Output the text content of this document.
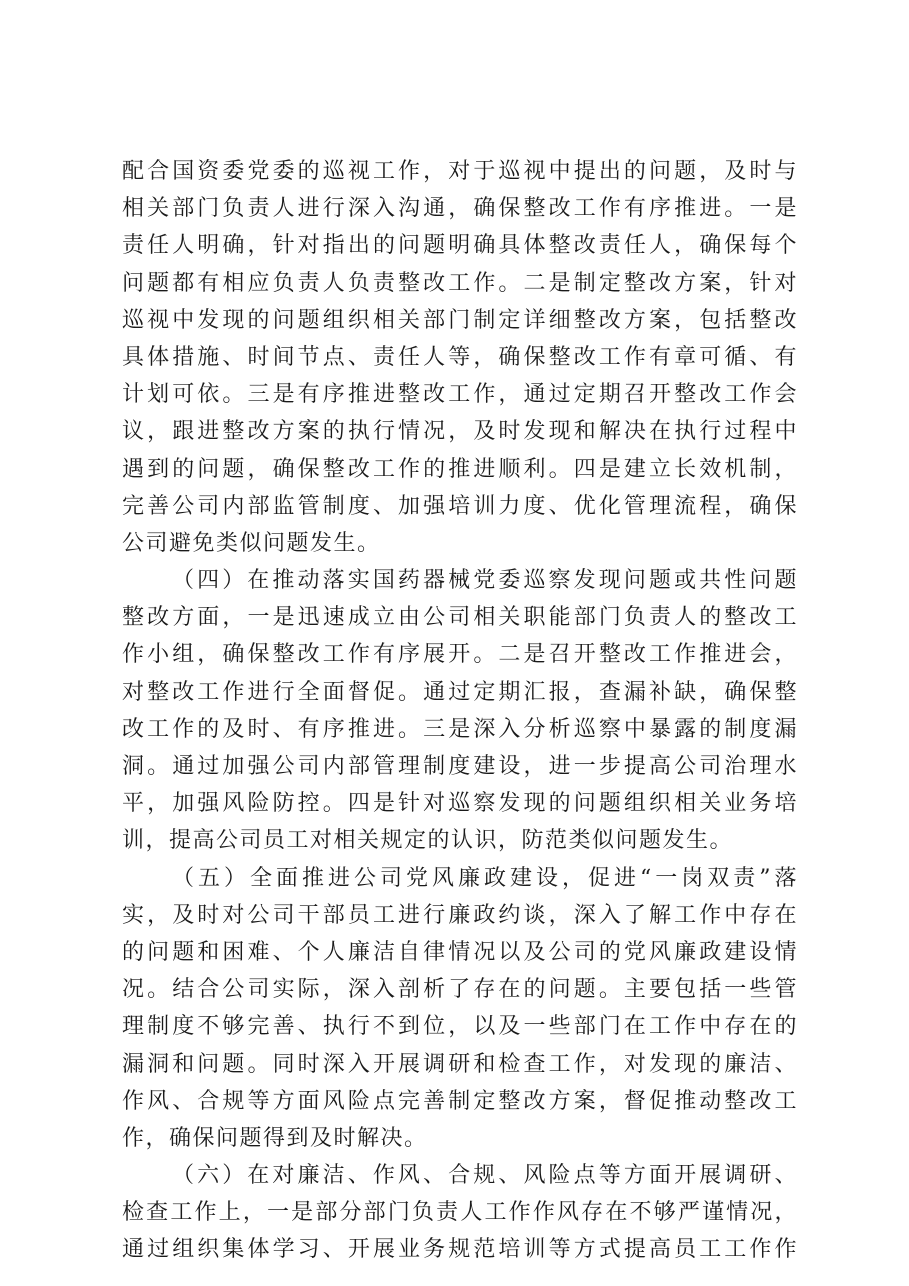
配合国资委党委的巡视工作，对于巡视中提出的问题，及时与
相关部门负责人进行深入沟通，确保整改工作有序推进。一是
责任人明确，针对指出的问题明确具体整改责任人，确保每个
问题都有相应负责人负责整改工作。二是制定整改方案，针对
巡视中发现的问题组织相关部门制定详细整改方案，包括整改
具体措施、时间节点、责任人等，确保整改工作有章可循、有
计划可依。三是有序推进整改工作，通过定期召开整改工作会
议，跟进整改方案的执行情况，及时发现和解决在执行过程中
遇到的问题，确保整改工作的推进顺利。四是建立长效机制，
完善公司内部监管制度、加强培训力度、优化管理流程，确保
公司避免类似问题发生。
（四）在推动落实国药器械党委巡察发现问题或共性问题
整改方面，一是迅速成立由公司相关职能部门负责人的整改工
作小组，确保整改工作有序展开。二是召开整改工作推进会，
对整改工作进行全面督促。通过定期汇报，查漏补缺，确保整
改工作的及时、有序推进。三是深入分析巡察中暴露的制度漏
洞。通过加强公司内部管理制度建设，进一步提高公司治理水
平，加强风险防控。四是针对巡察发现的问题组织相关业务培
训，提高公司员工对相关规定的认识，防范类似问题发生。
（五）全面推进公司党风廉政建设，促进“一岗双责”落
实，及时对公司干部员工进行廉政约谈，深入了解工作中存在
的问题和困难、个人廉洁自律情况以及公司的党风廉政建设情
况。结合公司实际，深入剖析了存在的问题。主要包括一些管
理制度不够完善、执行不到位，以及一些部门在工作中存在的
漏洞和问题。同时深入开展调研和检查工作，对发现的廉洁、
作风、合规等方面风险点完善制定整改方案，督促推动整改工
作，确保问题得到及时解决。
（六）在对廉洁、作风、合规、风险点等方面开展调研、
检查工作上，一是部分部门负责人工作作风存在不够严谨情况，
通过组织集体学习、开展业务规范培训等方式提高员工工作作
